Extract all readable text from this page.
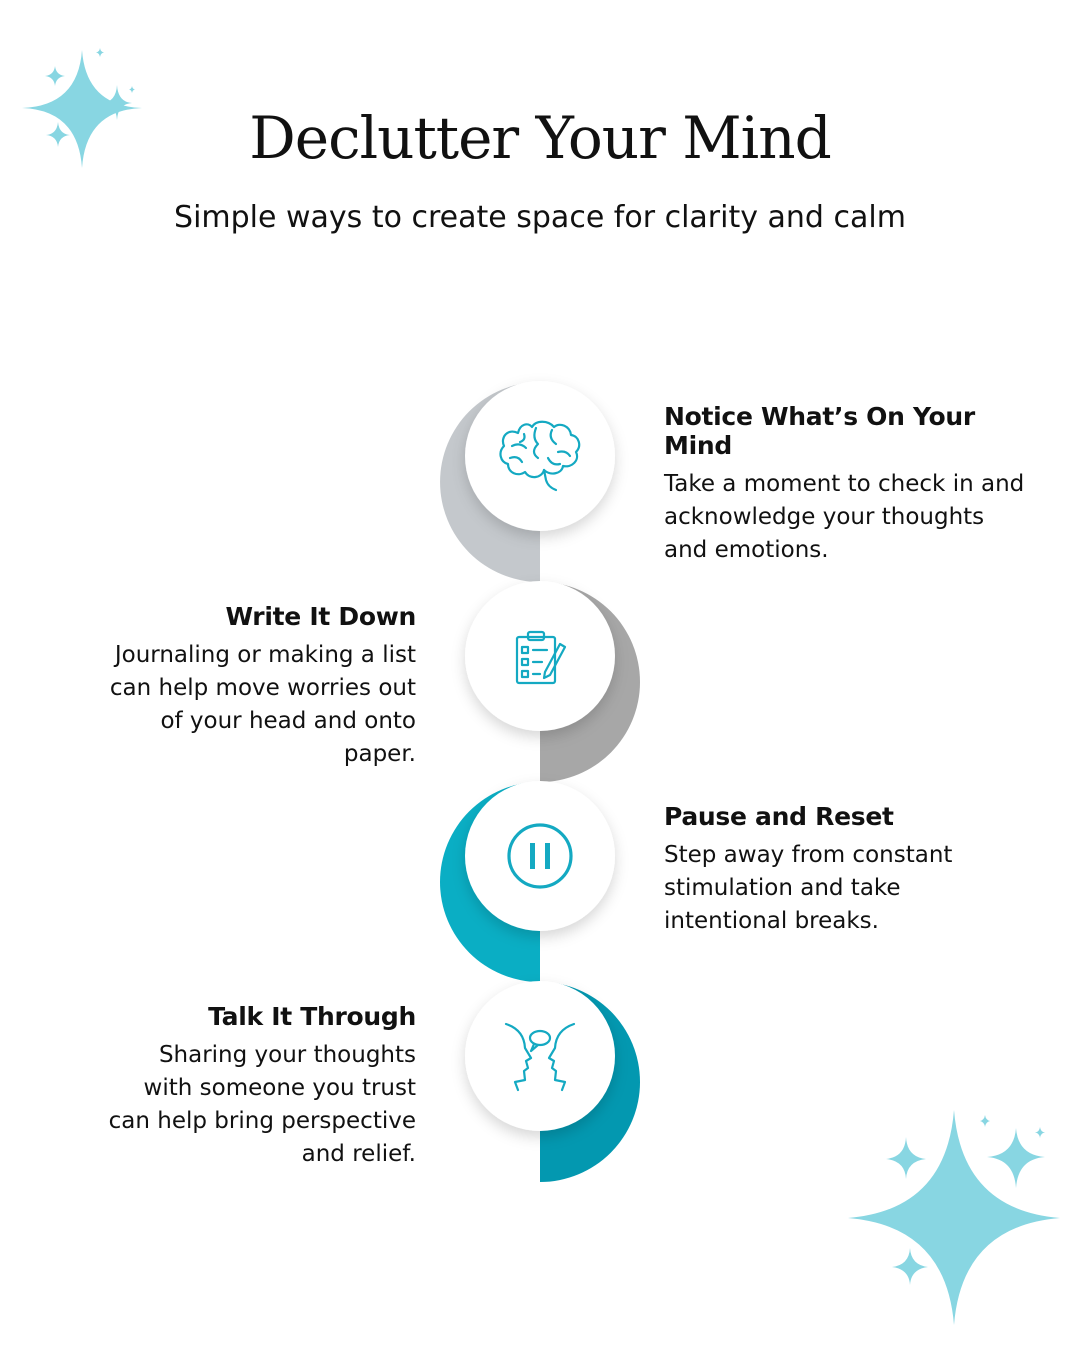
Declutter Your Mind
Simple ways to create space for clarity and calm
Notice What’s On Your Mind
Take a moment to check in and
acknowledge your thoughts
and emotions.
Write It Down
Journaling or making a list
can help move worries out
of your head and onto
paper.
Pause and Reset
Step away from constant
stimulation and take
intentional breaks.
Talk It Through
Sharing your thoughts
with someone you trust
can help bring perspective
and relief.
